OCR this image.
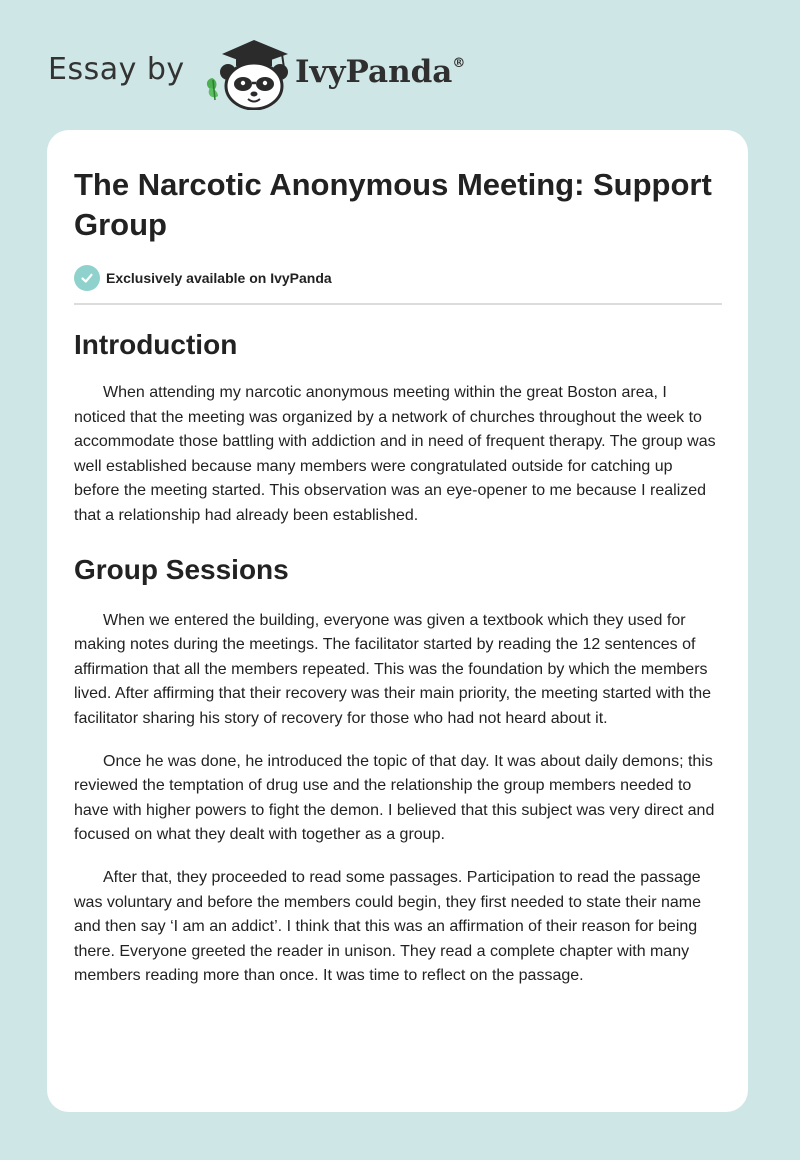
Essay by	IvyPanda®
The Narcotic Anonymous Meeting: Support Group
Exclusively available on IvyPanda
Introduction

When attending my narcotic anonymous meeting within the great Boston area, I noticed that the meeting was organized by a network of churches throughout the week to accommodate those battling with addiction and in need of frequent therapy. The group was well established because many members were congratulated outside for catching up before the meeting started. This observation was an eye-opener to me because I realized that a relationship had already been established.

Group Sessions

When we entered the building, everyone was given a textbook which they used for making notes during the meetings. The facilitator started by reading the 12 sentences of affirmation that all the members repeated. This was the foundation by which the members lived. After affirming that their recovery was their main priority, the meeting started with the facilitator sharing his story of recovery for those who had not heard about it.

Once he was done, he introduced the topic of that day. It was about daily demons; this reviewed the temptation of drug use and the relationship the group members needed to have with higher powers to fight the demon. I believed that this subject was very direct and focused on what they dealt with together as a group.

After that, they proceeded to read some passages. Participation to read the passage was voluntary and before the members could begin, they first needed to state their name and then say ‘I am an addict’. I think that this was an affirmation of their reason for being there. Everyone greeted the reader in unison. They read a complete chapter with many members reading more than once. It was time to reflect on the passage.
